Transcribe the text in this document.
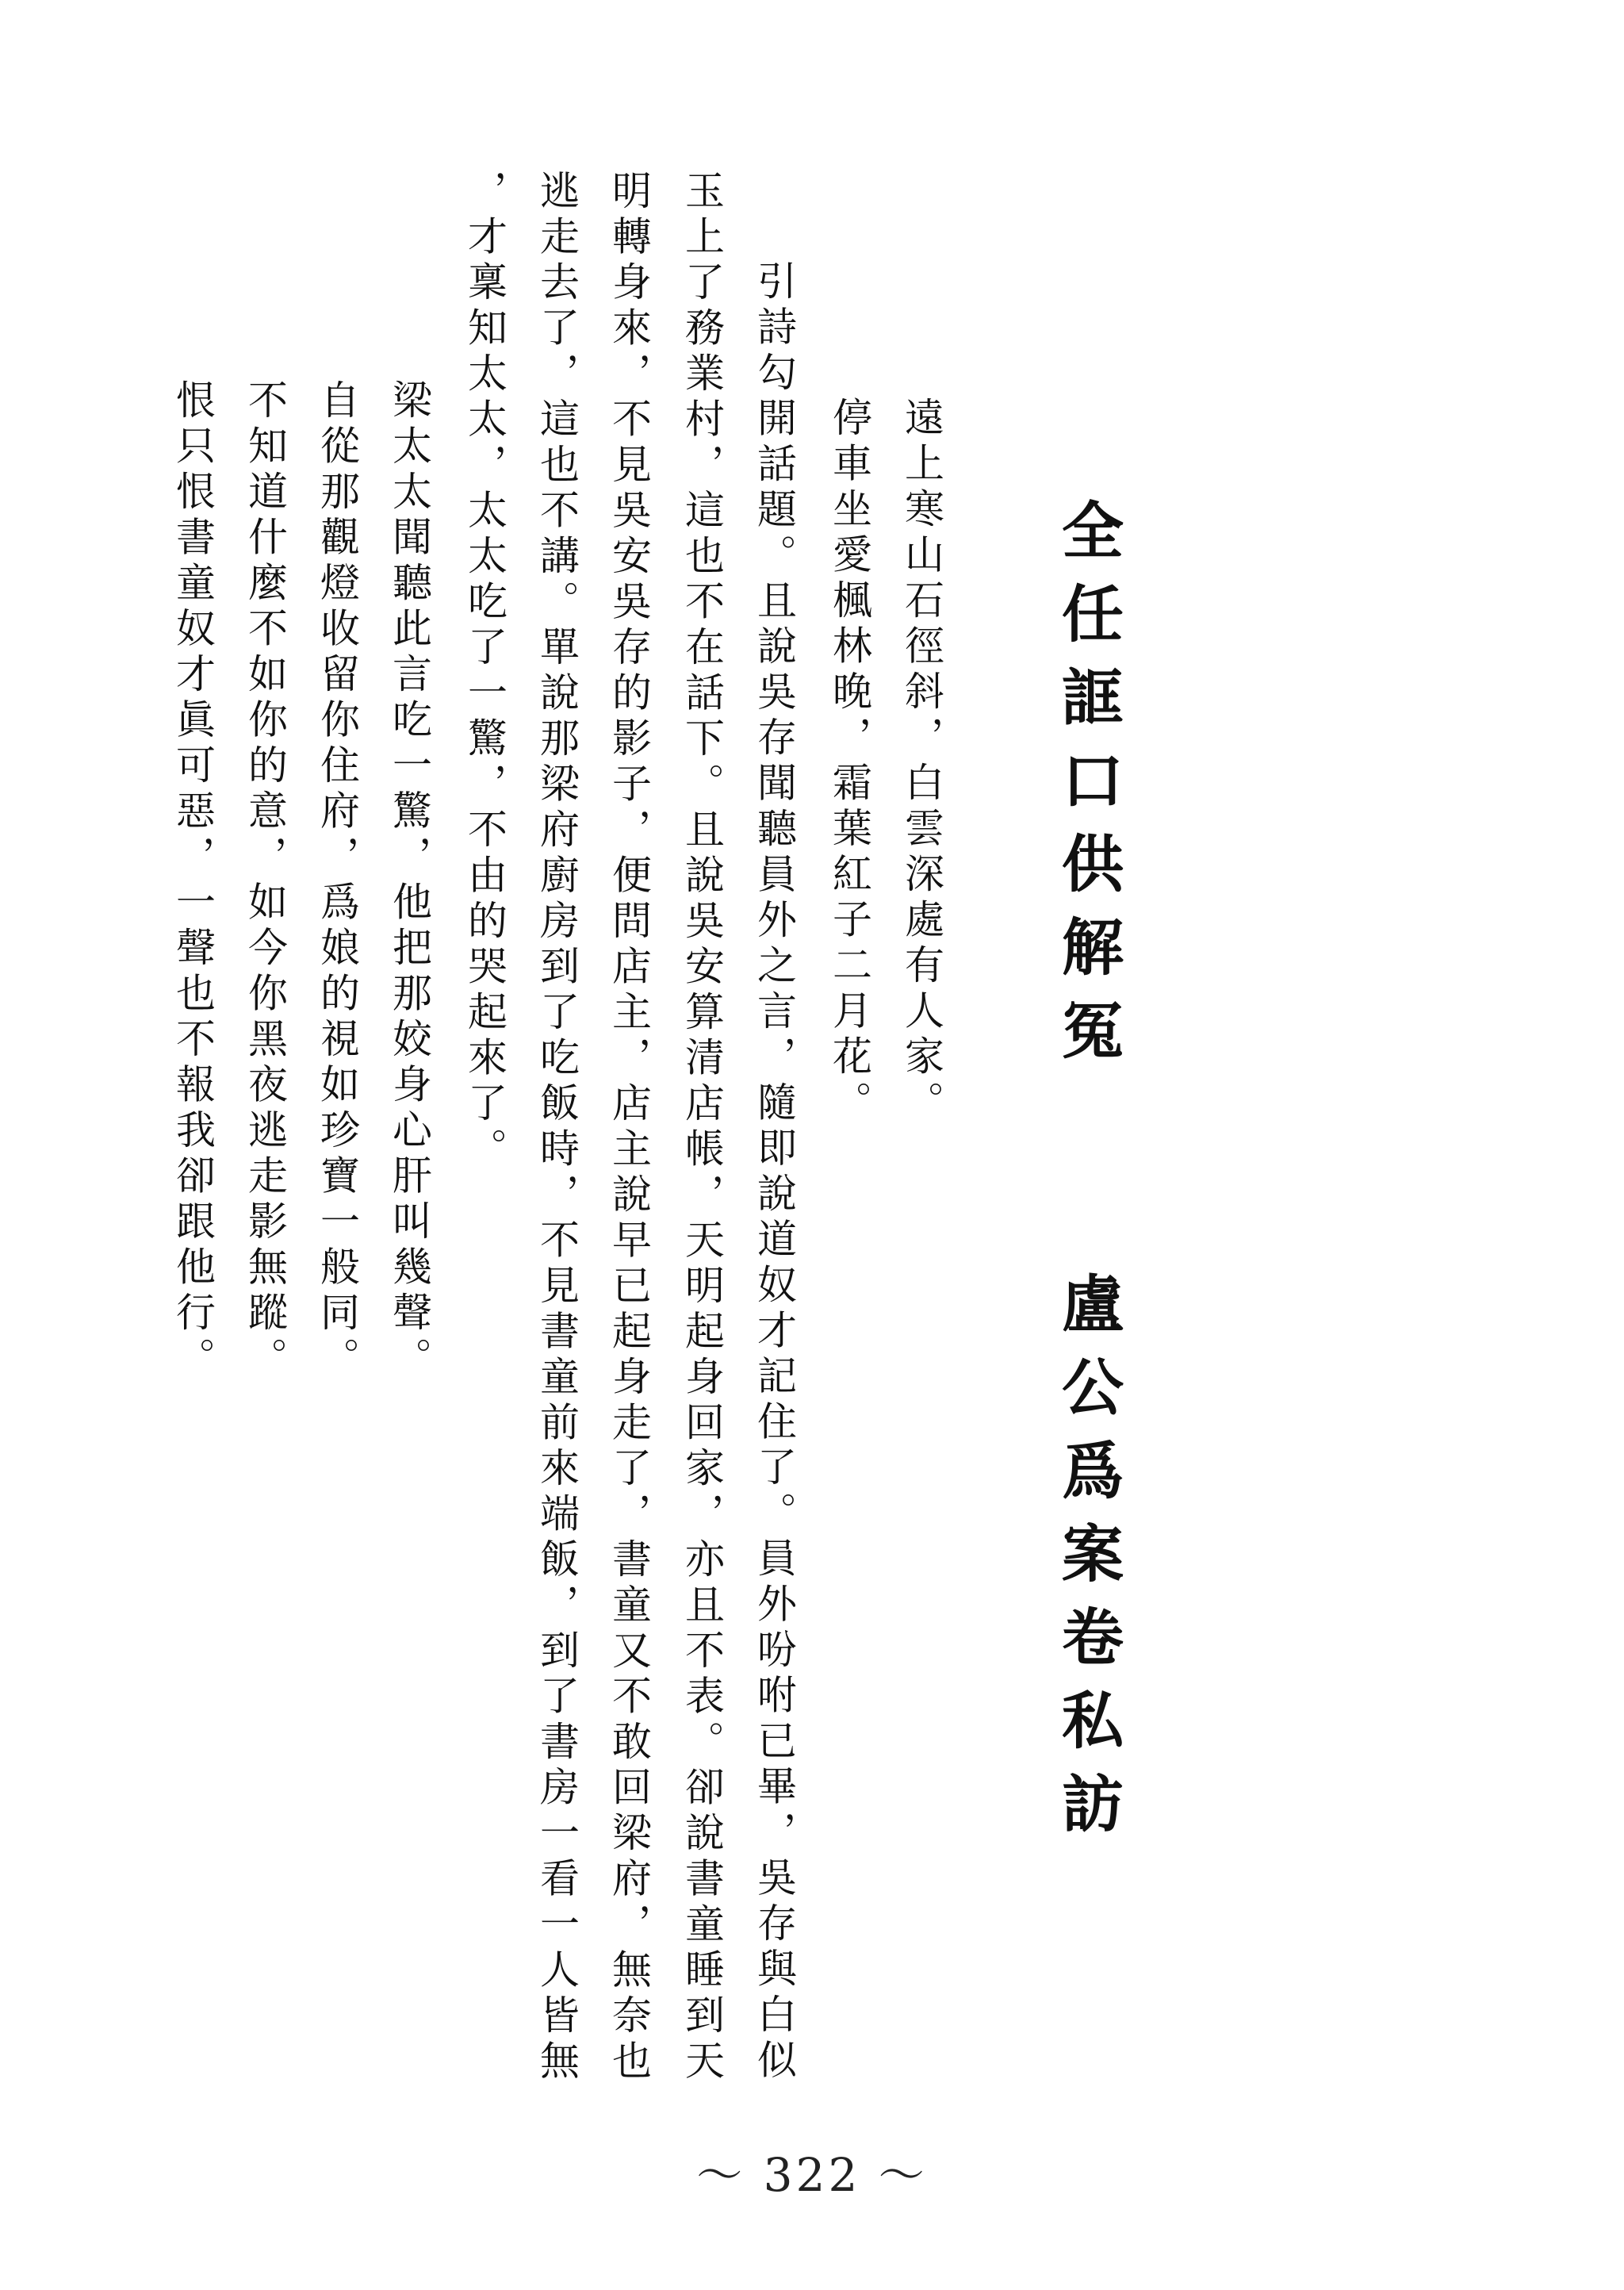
全任誆口供解冤盧公爲案卷私訪
遠上寒山石徑斜，白雲深處有人家。
停車坐愛楓林晚，霜葉紅子二月花。
引詩勾開話題。且說吳存聞聽員外之言，隨即說道奴才記住了。員外吩咐已畢，吳存與白似
玉上了務業村，這也不在話下。且說吳安算清店帳，天明起身回家，亦且不表。卻說書童睡到天
明轉身來，不見吳安吳存的影子，便問店主，店主說早已起身走了，書童又不敢回梁府，無奈也
逃走去了，這也不講。單說那梁府廚房到了吃飯時，不見書童前來端飯，到了書房一看一人皆無
，才稟知太太，太太吃了一驚，不由的哭起來了。
梁太太聞聽此言吃一驚，他把那姣身心肝叫幾聲。
自從那觀燈收留你住府，爲娘的視如珍寶一般同。
不知道什麼不如你的意，如今你黑夜逃走影無蹤。
恨只恨書童奴才眞可惡，一聲也不報我卻跟他行。
～ 322 ～
